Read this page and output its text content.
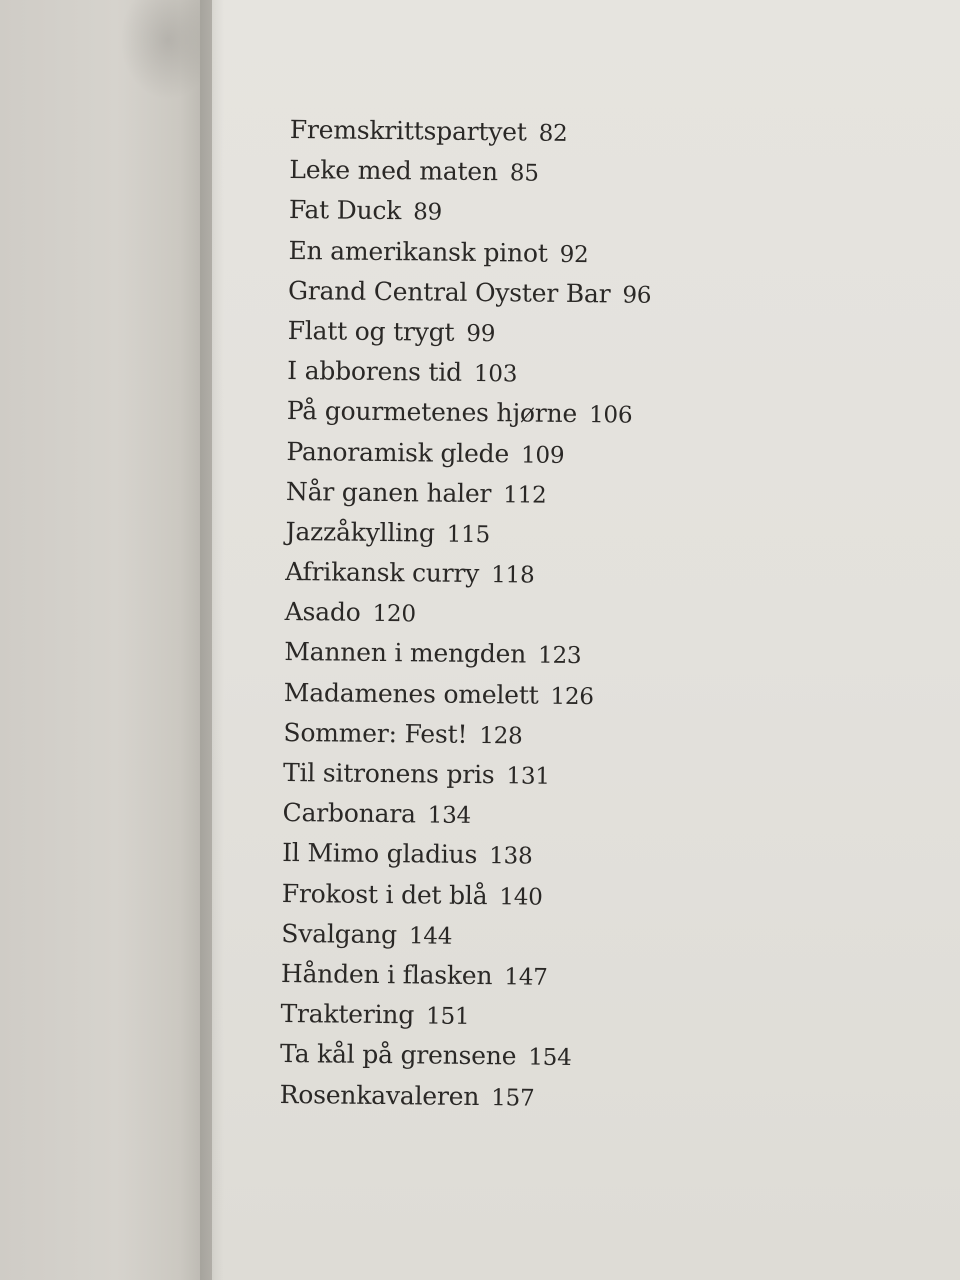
Fremskrittspartyet 82
Leke med maten 85
Fat Duck 89
En amerikansk pinot 92
Grand Central Oyster Bar 96
Flatt og trygt 99
I abborens tid 103
På gourmetenes hjørne 106
Panoramisk glede 109
Når ganen haler 112
Jazzåkylling 115
Afrikansk curry 118
Asado 120
Mannen i mengden 123
Madamenes omelett 126
Sommer: Fest! 128
Til sitronens pris 131
Carbonara 134
Il Mimo gladius 138
Frokost i det blå 140
Svalgang 144
Hånden i flasken 147
Traktering 151
Ta kål på grensene 154
Rosenkavaleren 157
